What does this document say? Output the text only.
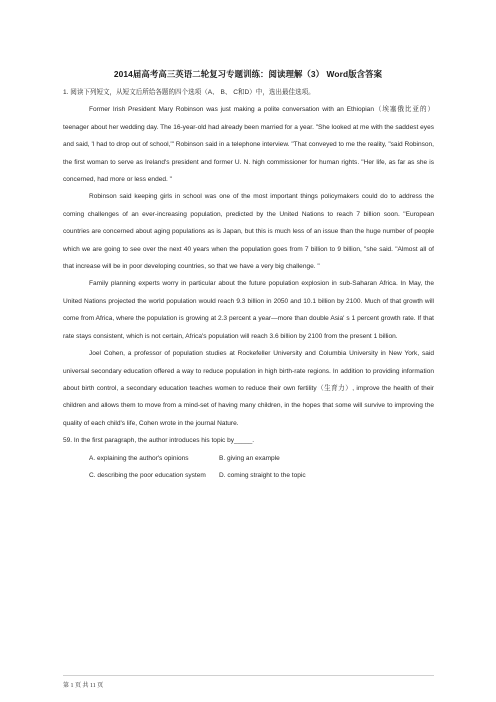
2014届高考高三英语二轮复习专题训练：阅读理解（3） Word版含答案

1. 阅读下列短文，从短文后所给各题的四个选项（A、 B、 C和D）中，选出最佳选项。

Former Irish President Mary Robinson was just making a polite conversation with an Ethiopian（埃塞俄比亚的） teenager about her wedding day. The 16-year-old had already been married for a year. "She looked at me with the saddest eyes and said, 'I had to drop out of school,'" Robinson said in a telephone interview. "That conveyed to me the reality, "said Robinson, the first woman to serve as Ireland's president and former U. N. high commissioner for human rights. "Her life, as far as she is concerned, had more or less ended. "

Robinson said keeping girls in school was one of the most important things policymakers could do to address the coming challenges of an ever-increasing population, predicted by the United Nations to reach 7 billion soon. "European countries are concerned about aging populations as is Japan, but this is much less of an issue than the huge number of people which we are going to see over the next 40 years when the population goes from 7 billion to 9 billion, "she said. "Almost all of that increase will be in poor developing countries, so that we have a very big challenge. "

Family planning experts worry in particular about the future population explosion in sub-Saharan Africa. In May, the United Nations projected the world population would reach 9.3 billion in 2050 and 10.1 billion by 2100. Much of that growth will come from Africa, where the population is growing at 2.3 percent a year—more than double Asia' s 1 percent growth rate. If that rate stays consistent, which is not certain, Africa's population will reach 3.6 billion by 2100 from the present 1 billion.

Joel Cohen, a professor of population studies at Rockefeller University and Columbia University in New York, said universal secondary education offered a way to reduce population in high birth-rate regions. In addition to providing information about birth control, a secondary education teaches women to reduce their own fertility（生育力）, improve the health of their children and allows them to move from a mind-set of having many children, in the hopes that some will survive to improving the quality of each child's life, Cohen wrote in the journal Nature.

59. In the first paragraph, the author introduces his topic by_____.

A. explaining the author's opinions	B. giving an example
C. describing the poor education system	D. coming straight to the topic
第 1 页 共 11 页
